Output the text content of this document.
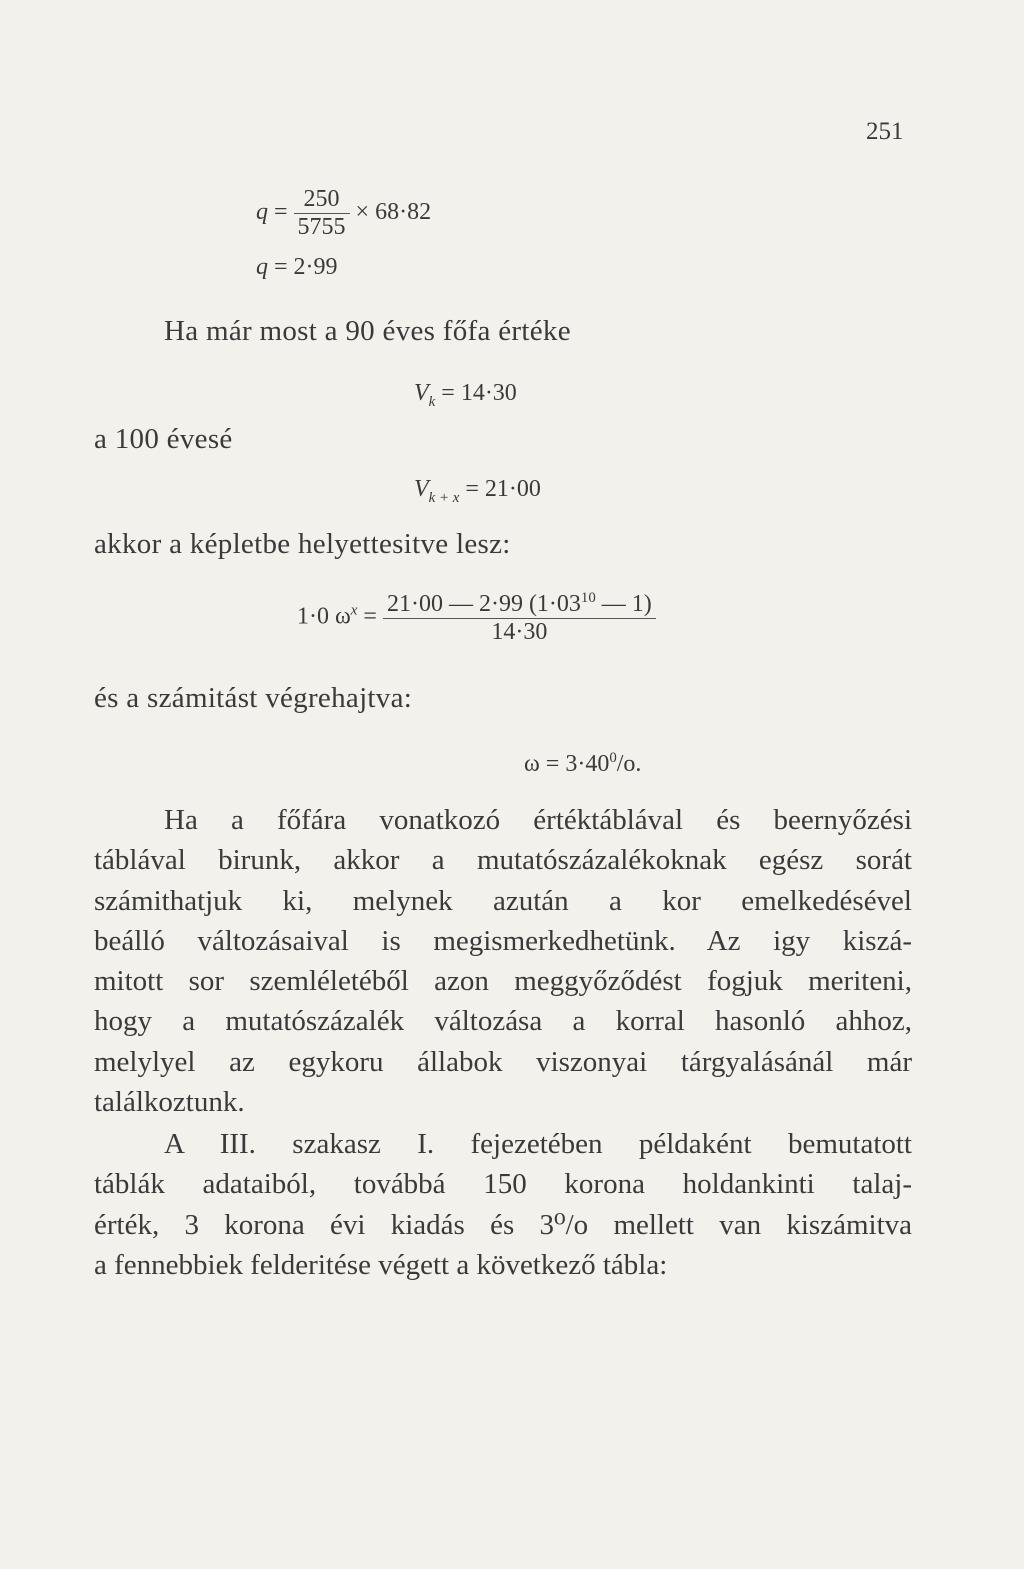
251
$q = \frac{250}{5755} \times 68\cdot 82$
q = 2·99
Ha már most a 90 éves főfa értéke
$V_k = 14\cdot 30$
a 100 évesé
$V_{k + x} = 21\cdot 00$
akkor a képletbe helyettesitve lesz:
1·0 $\omega^x = \frac{21\cdot 00 — 2\cdot 99 (1\cdot 03^{10} — 1)}{14\cdot 30}$
és a számitást végrehajtva:
$\omega = 3\cdot 40^0/o$.
Ha a főfára vonatkozó értéktáblával és beernyőzési
táblával birunk, akkor a mutatószázalékoknak egész sorát
számithatjuk ki, melynek azután a kor emelkedésével
beálló változásaival is megismerkedhetünk. Az igy kiszá-
mitott sor szemléletéből azon meggyőződést fogjuk meriteni,
hogy a mutatószázalék változása a korral hasonló ahhoz,
melylyel az egykoru állabok viszonyai tárgyalásánál már
találkoztunk.
A III. szakasz I. fejezetében példaként bemutatott
táblák adataiból, továbbá 150 korona holdankinti talaj-
érték, 3 korona évi kiadás és 3⁰/o mellett van kiszámitva
a fennebbiek felderitése végett a következő tábla:
